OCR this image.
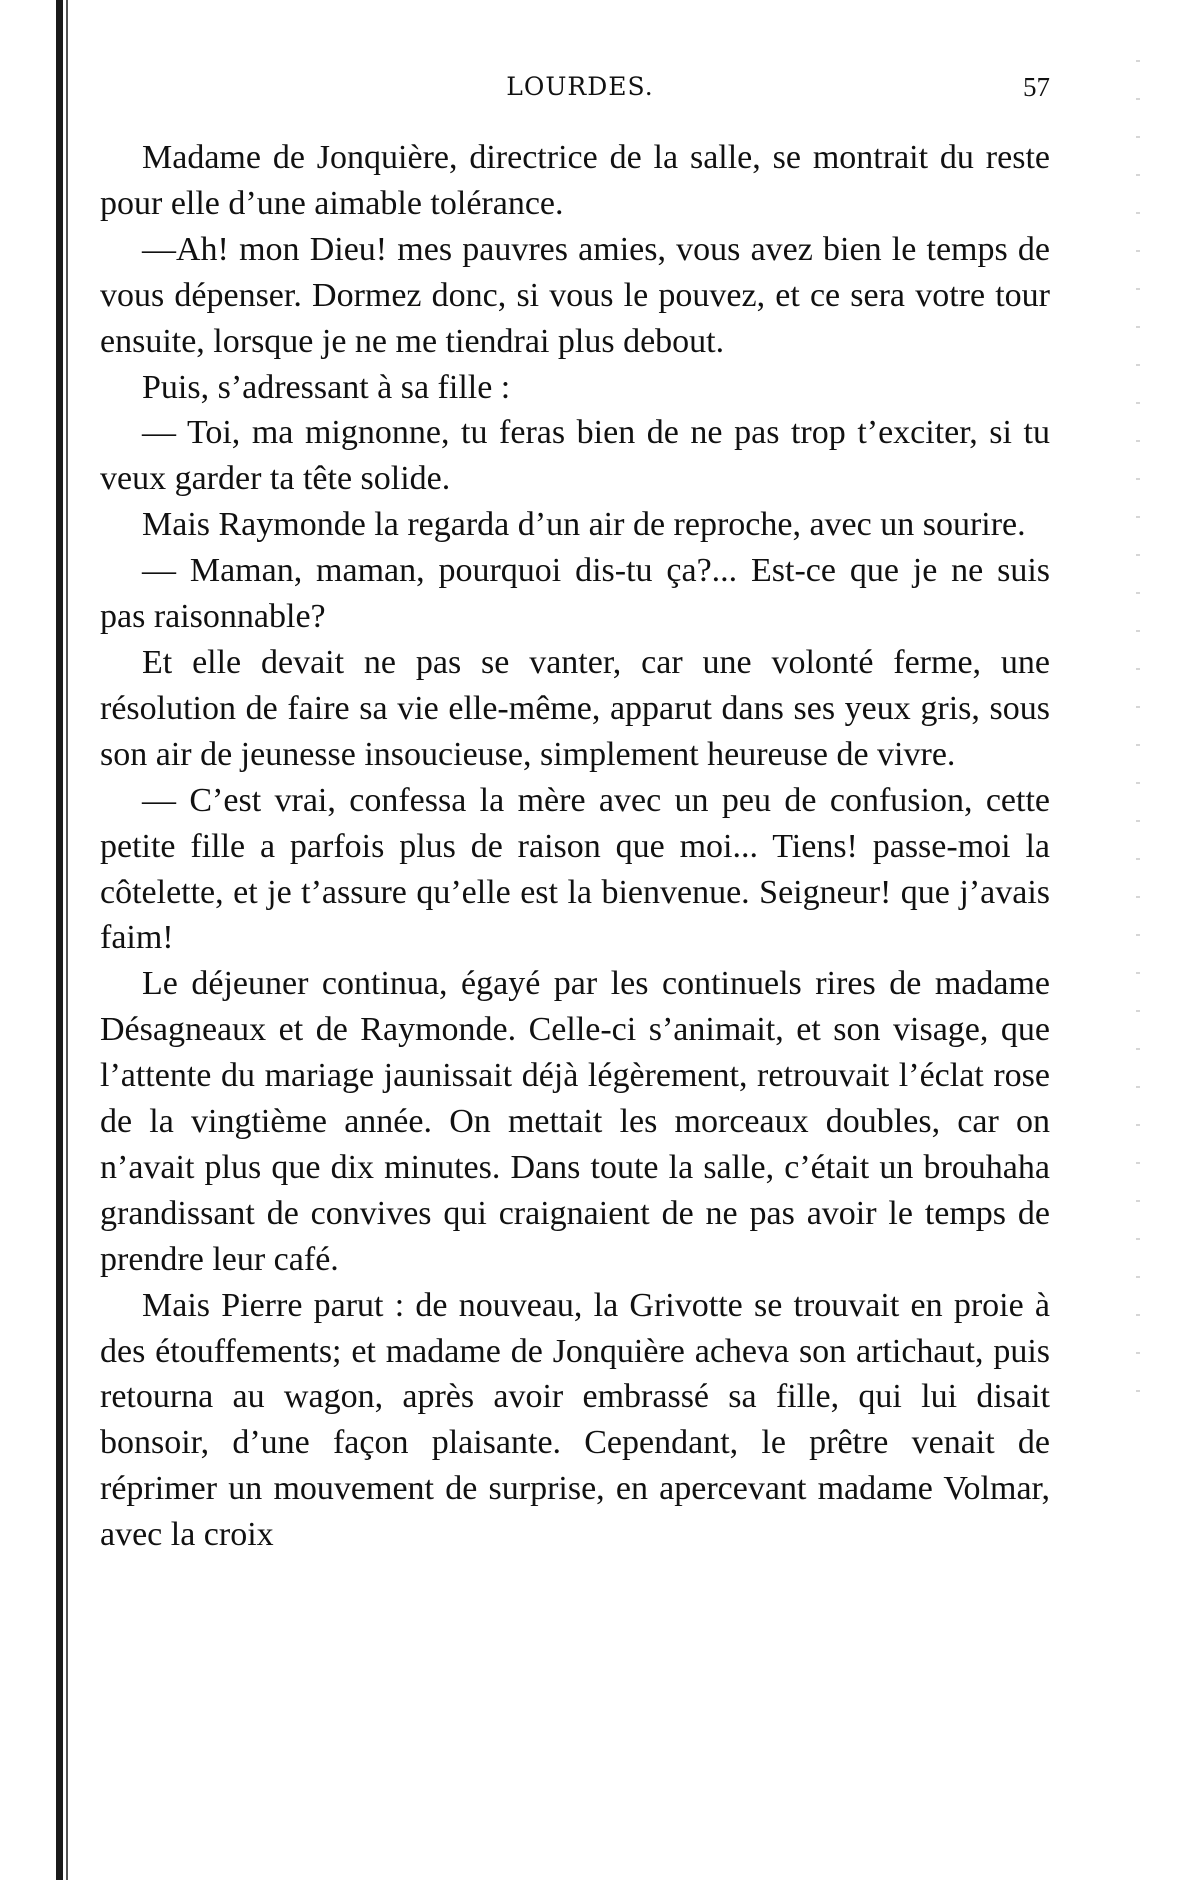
LOURDES.	57

Madame de Jonquière, directrice de la salle, se montrait du reste pour elle d’une aimable tolérance.

—Ah! mon Dieu! mes pauvres amies, vous avez bien le temps de vous dépenser. Dormez donc, si vous le pouvez, et ce sera votre tour ensuite, lorsque je ne me tiendrai plus debout.

Puis, s’adressant à sa fille :

— Toi, ma mignonne, tu feras bien de ne pas trop t’exciter, si tu veux garder ta tête solide.

Mais Raymonde la regarda d’un air de reproche, avec un sourire.

— Maman, maman, pourquoi dis-tu ça?... Est-ce que je ne suis pas raisonnable?

Et elle devait ne pas se vanter, car une volonté ferme, une résolution de faire sa vie elle-même, apparut dans ses yeux gris, sous son air de jeunesse insoucieuse, simplement heureuse de vivre.

— C’est vrai, confessa la mère avec un peu de confusion, cette petite fille a parfois plus de raison que moi... Tiens! passe-moi la côtelette, et je t’assure qu’elle est la bienvenue. Seigneur! que j’avais faim!

Le déjeuner continua, égayé par les continuels rires de madame Désagneaux et de Raymonde. Celle-ci s’animait, et son visage, que l’attente du mariage jaunissait déjà légèrement, retrouvait l’éclat rose de la vingtième année. On mettait les morceaux doubles, car on n’avait plus que dix minutes. Dans toute la salle, c’était un brouhaha grandissant de convives qui craignaient de ne pas avoir le temps de prendre leur café.

Mais Pierre parut : de nouveau, la Grivotte se trouvait en proie à des étouffements; et madame de Jonquière acheva son artichaut, puis retourna au wagon, après avoir embrassé sa fille, qui lui disait bonsoir, d’une façon plaisante. Cependant, le prêtre venait de réprimer un mouvement de surprise, en apercevant madame Volmar, avec la croix
